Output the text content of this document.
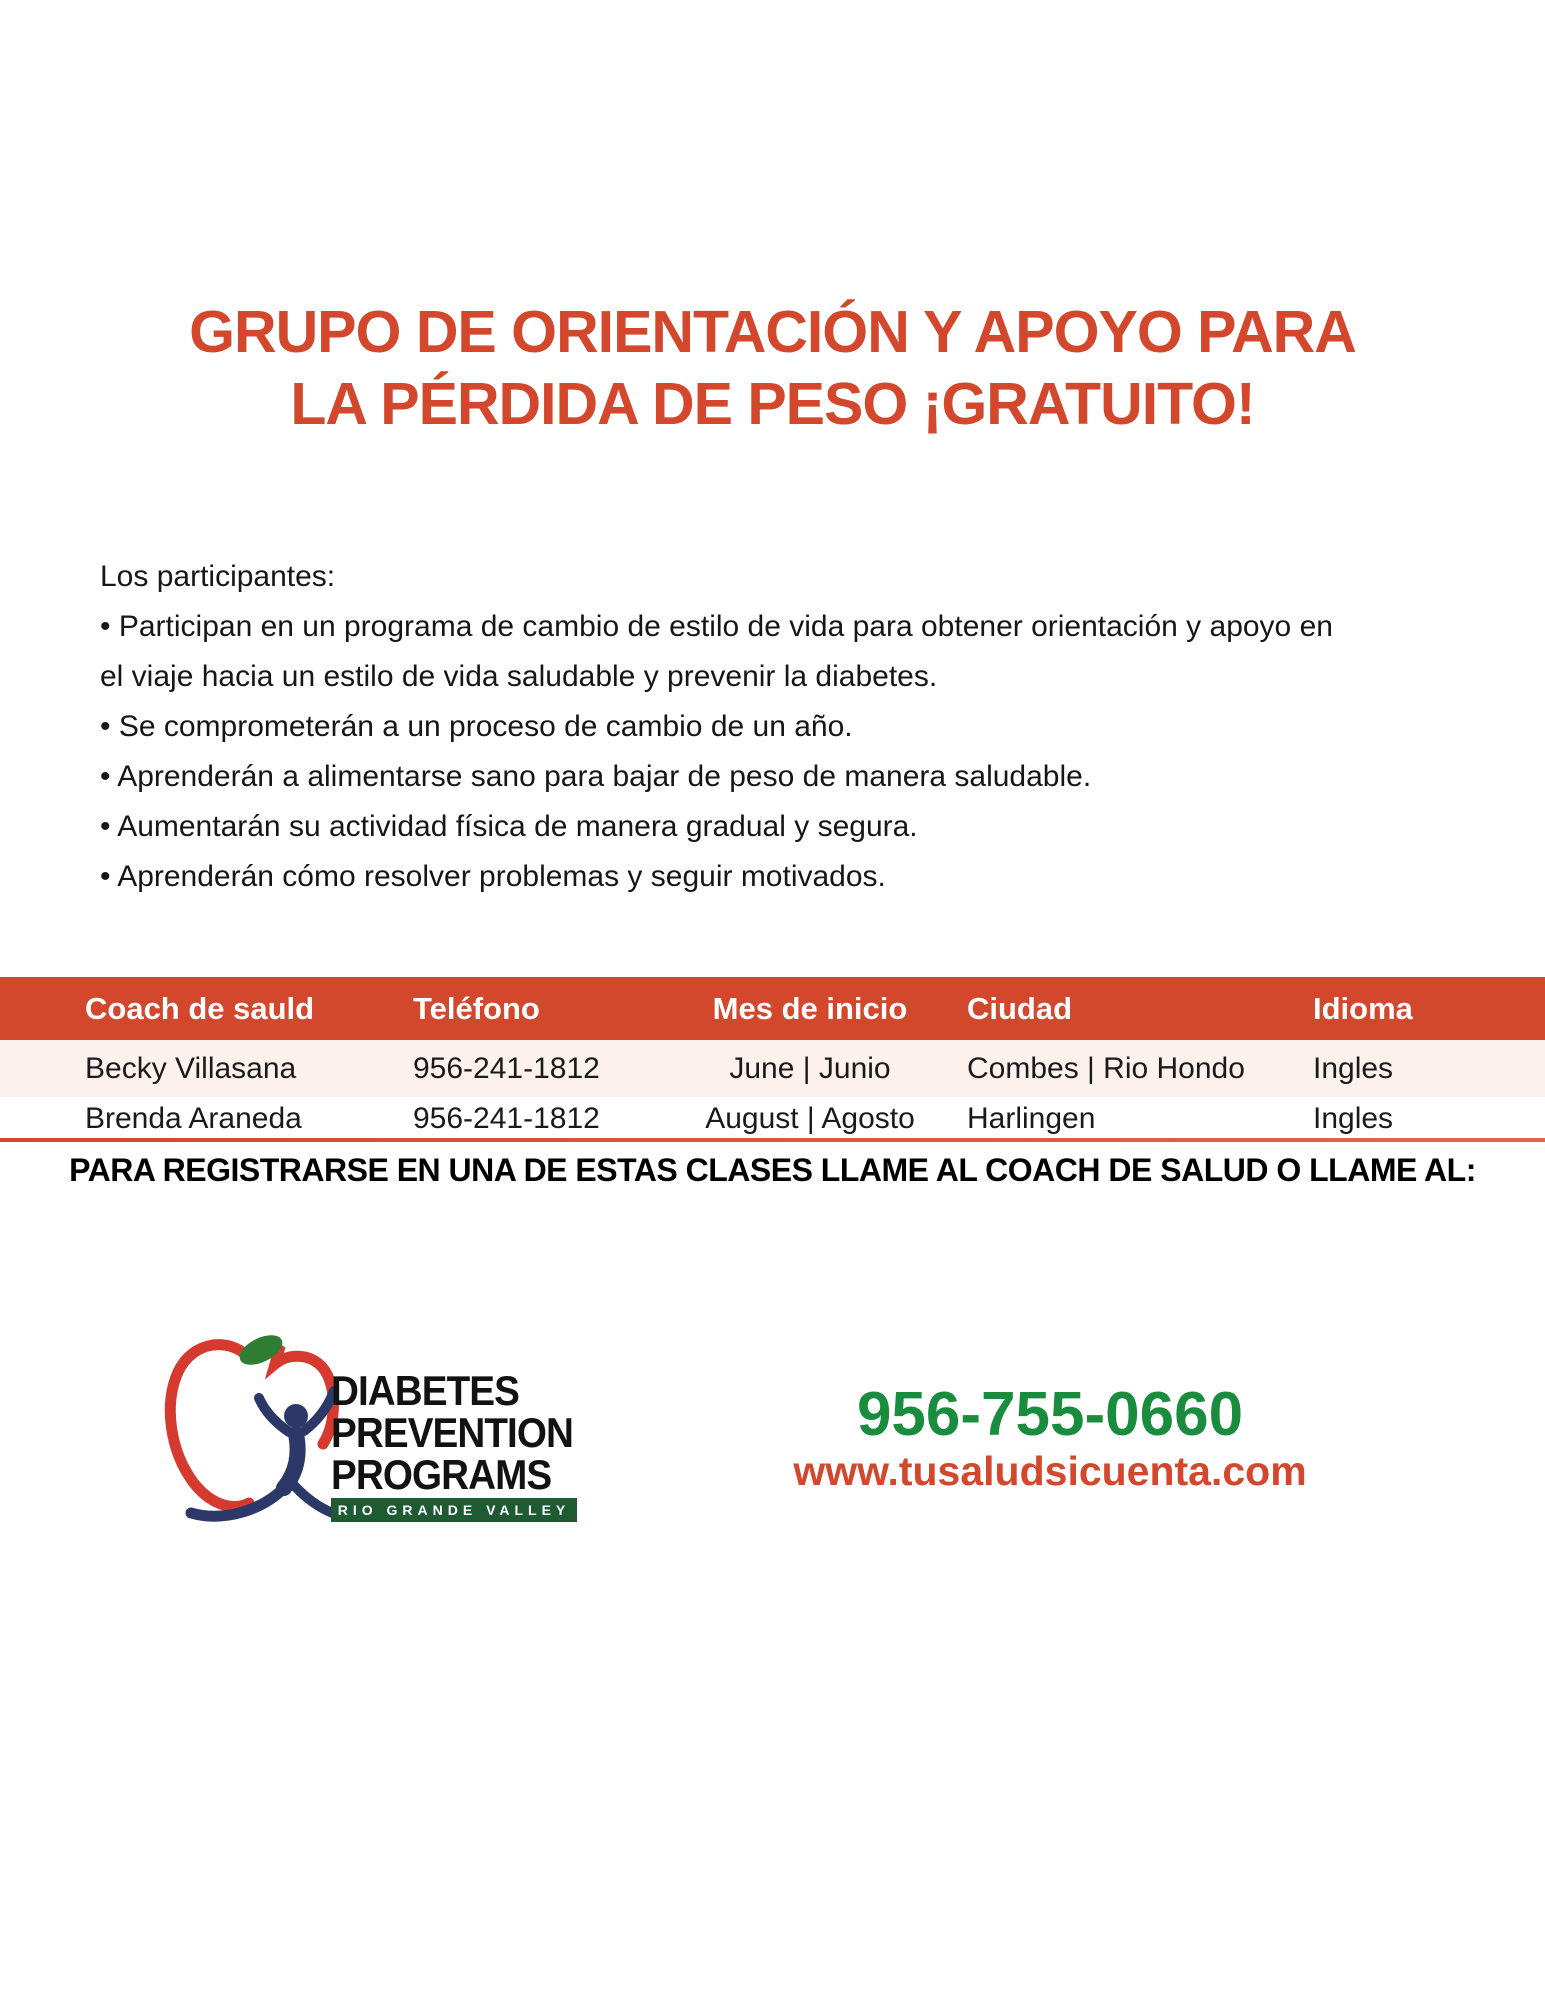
GRUPO DE ORIENTACIÓN Y APOYO PARA
LA PÉRDIDA DE PESO ¡GRATUITO!

Los participantes:

• Participan en un programa de cambio de estilo de vida para obtener orientación y apoyo en el viaje hacia un estilo de vida saludable y prevenir la diabetes.
• Se comprometerán a un proceso de cambio de un año.
• Aprenderán a alimentarse sano para bajar de peso de manera saludable.
• Aumentarán su actividad física de manera gradual y segura.
• Aprenderán cómo resolver problemas y seguir motivados.
Coach de sauld	Teléfono	Mes de inicio	Ciudad	Idioma
Becky Villasana	956-241-1812	June | Junio	Combes | Rio Hondo	Ingles
Brenda Araneda	956-241-1812	August | Agosto	Harlingen	Ingles
PARA REGISTRARSE EN UNA DE ESTAS CLASES LLAME AL COACH DE SALUD O LLAME AL:
DIABETES
PREVENTION
PROGRAMS
RIO GRANDE VALLEY
956-755-0660
www.tusaludsicuenta.com
